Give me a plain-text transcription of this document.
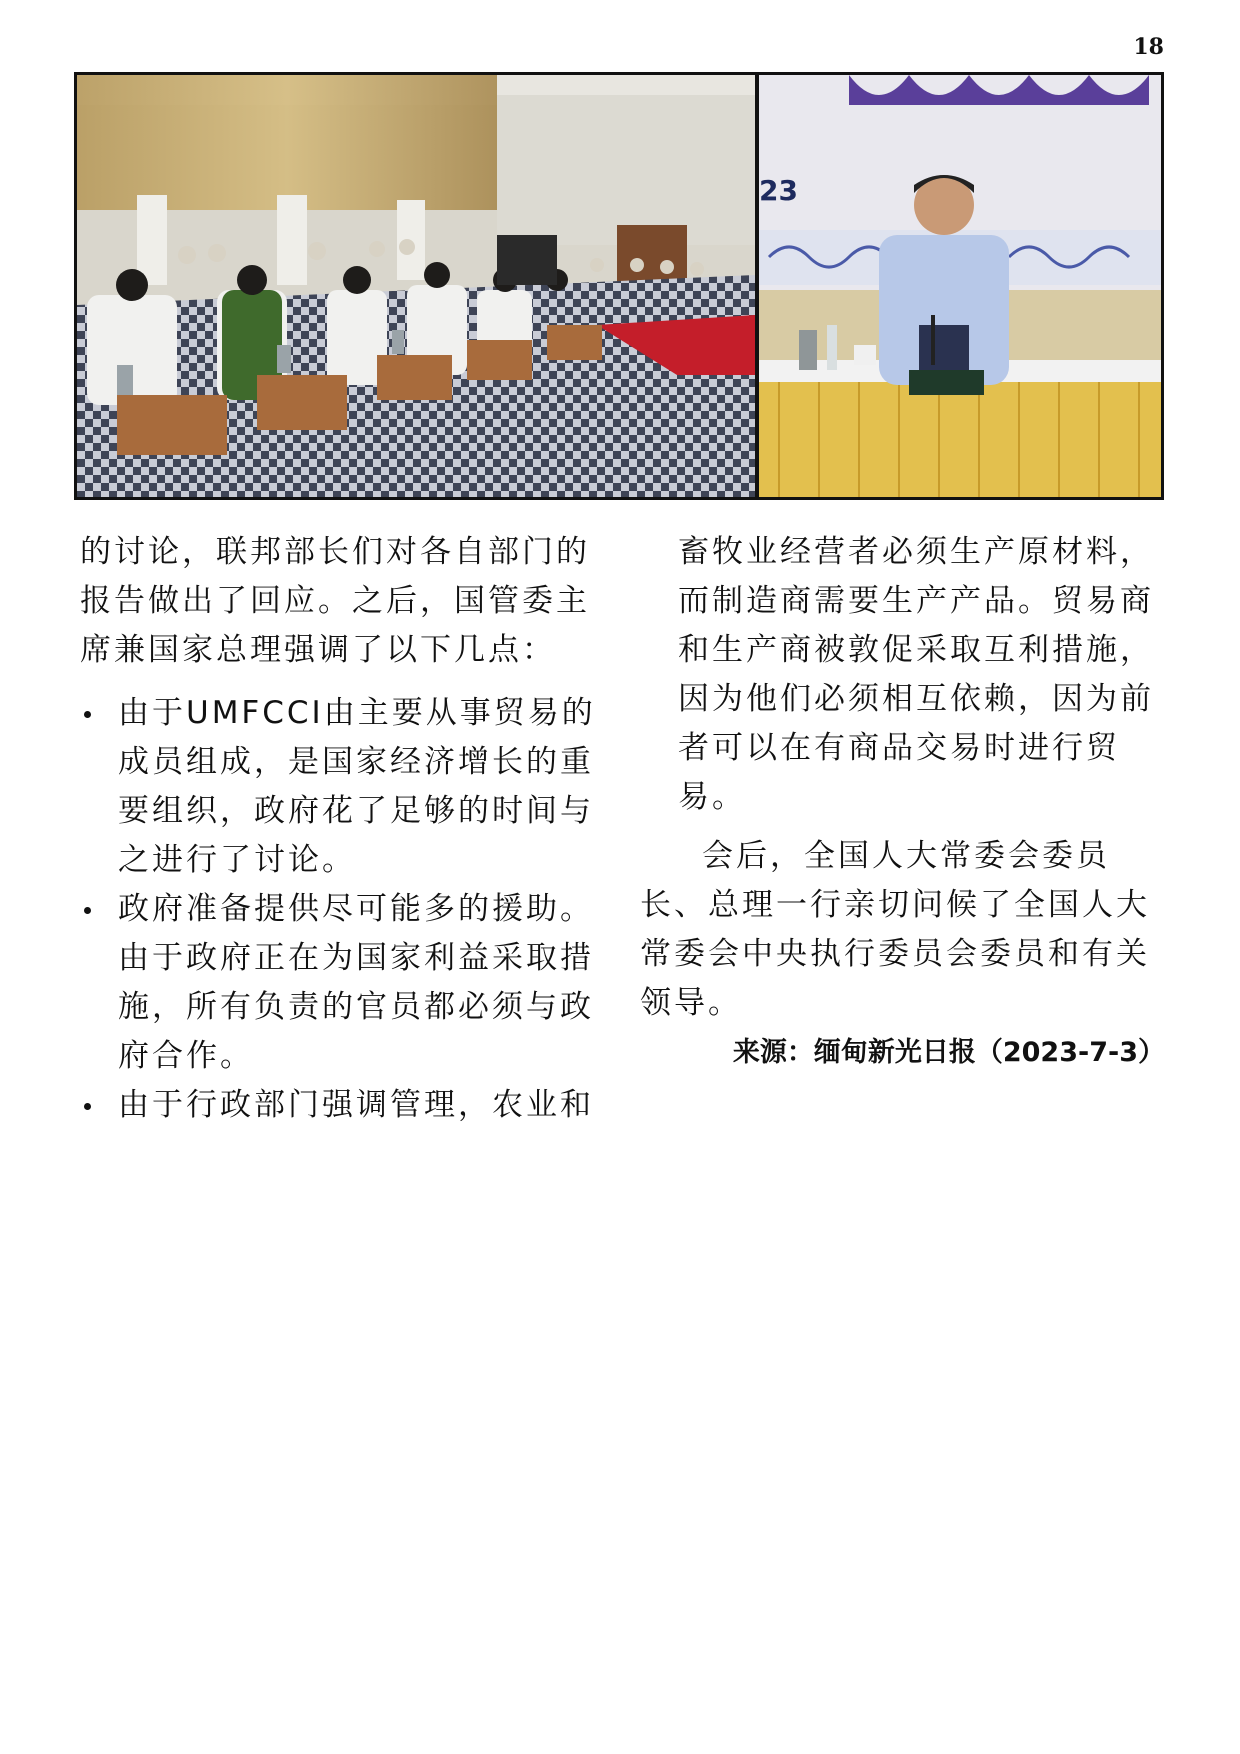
18
23

的讨论，联邦部长们对各自部门的报告做出了回应。之后，国管委主席兼国家总理强调了以下几点：

由于UMFCCI由主要从事贸易的成员组成，是国家经济增长的重要组织，政府花了足够的时间与之进行了讨论。
政府准备提供尽可能多的援助。由于政府正在为国家利益采取措施，所有负责的官员都必须与政府合作。
由于行政部门强调管理，农业和

畜牧业经营者必须生产原材料，而制造商需要生产产品。贸易商和生产商被敦促采取互利措施，因为他们必须相互依赖，因为前者可以在有商品交易时进行贸易。

会后，全国人大常委会委员长、总理一行亲切问候了全国人大常委会中央执行委员会委员和有关领导。

来源：缅甸新光日报（2023-7-3）
